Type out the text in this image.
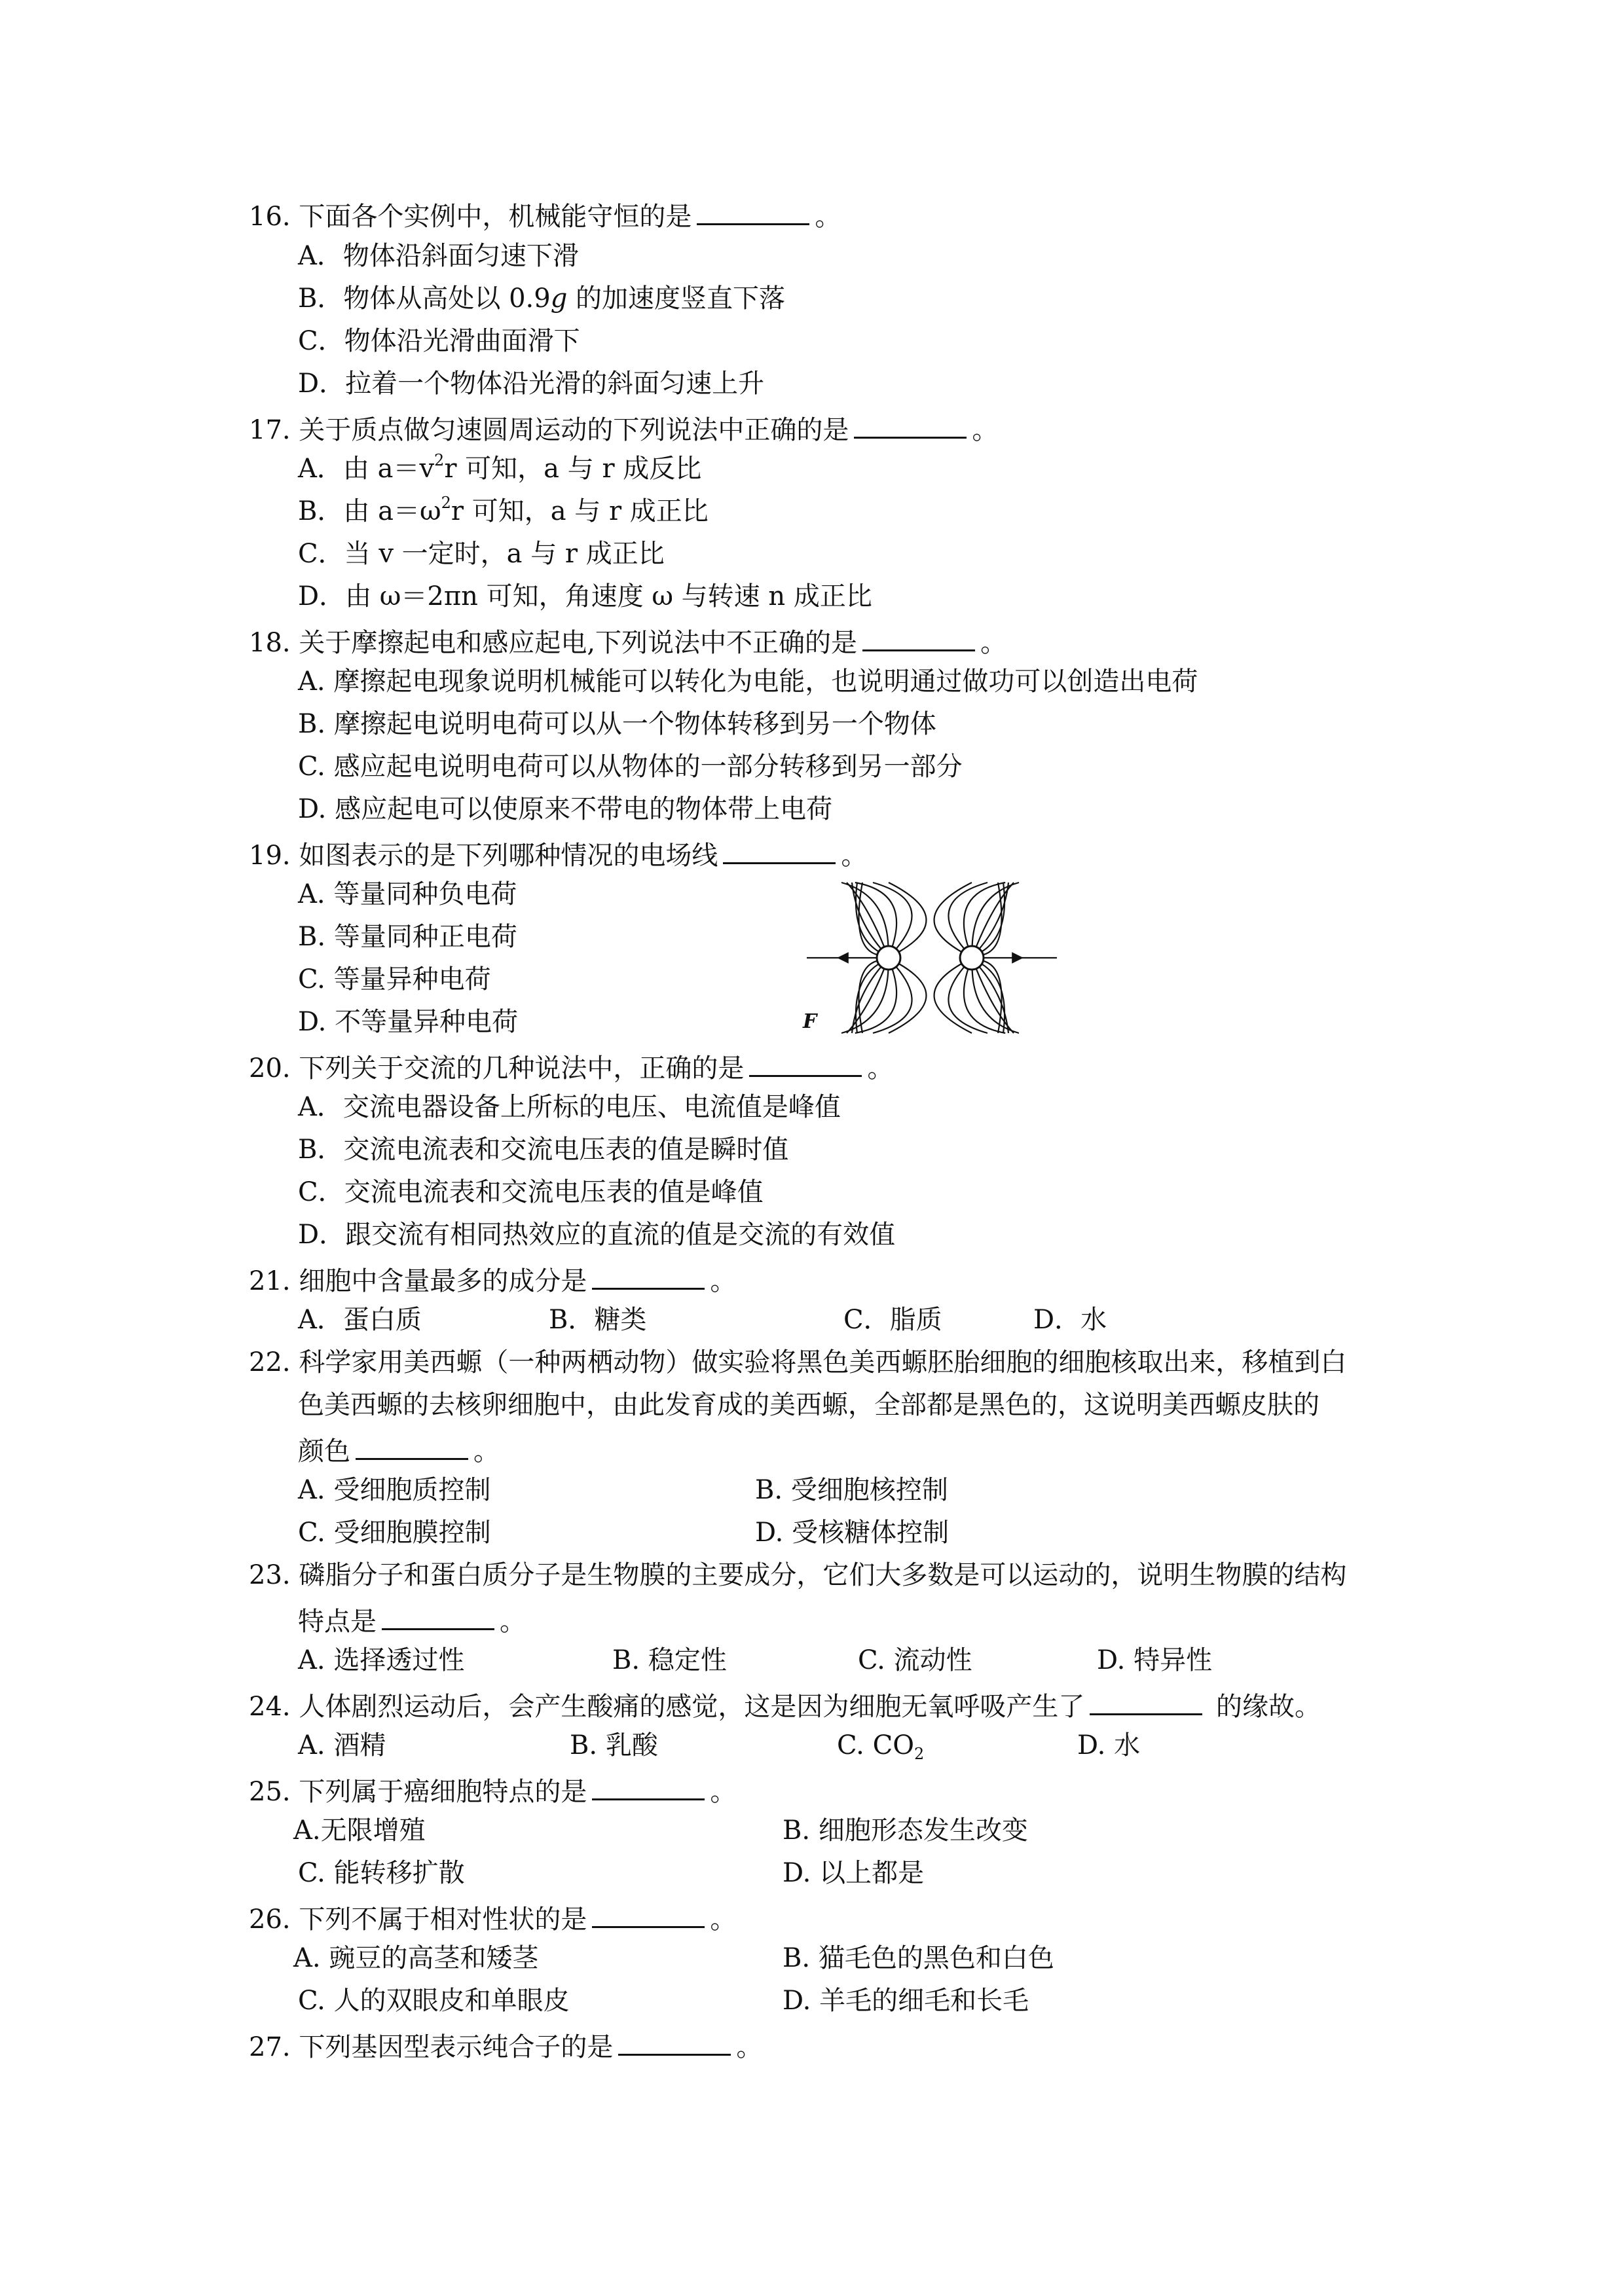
16. 下面各个实例中，机械能守恒的是	。
A．物体沿斜面匀速下滑
B．物体从高处以 0.9g 的加速度竖直下落
C．物体沿光滑曲面滑下
D．拉着一个物体沿光滑的斜面匀速上升
17. 关于质点做匀速圆周运动的下列说法中正确的是	。
A．由 $a=v^2r$ 可知，a 与 r 成反比
B．由 $a=\omega^2r$ 可知，a 与 r 成正比
C．当 v 一定时，a 与 r 成正比
D．由 ω＝2πn 可知，角速度 ω 与转速 n 成正比
18. 关于摩擦起电和感应起电,下列说法中不正确的是	。
A. 摩擦起电现象说明机械能可以转化为电能，也说明通过做功可以创造出电荷
B. 摩擦起电说明电荷可以从一个物体转移到另一个物体
C. 感应起电说明电荷可以从物体的一部分转移到另一部分
D. 感应起电可以使原来不带电的物体带上电荷
19. 如图表示的是下列哪种情况的电场线	。
A. 等量同种负电荷
B. 等量同种正电荷
C. 等量异种电荷
D. 不等量异种电荷	F
20. 下列关于交流的几种说法中，正确的是	。
A．交流电器设备上所标的电压、电流值是峰值
B．交流电流表和交流电压表的值是瞬时值
C．交流电流表和交流电压表的值是峰值
D．跟交流有相同热效应的直流的值是交流的有效值
21. 细胞中含量最多的成分是	。
A．蛋白质	B．糖类	C．脂质	D．水
22. 科学家用美西螈（一种两栖动物）做实验将黑色美西螈胚胎细胞的细胞核取出来，移植到白
色美西螈的去核卵细胞中，由此发育成的美西螈，全部都是黑色的，这说明美西螈皮肤的
颜色	。
A. 受细胞质控制	B. 受细胞核控制
C. 受细胞膜控制	D. 受核糖体控制
23. 磷脂分子和蛋白质分子是生物膜的主要成分，它们大多数是可以运动的，说明生物膜的结构
特点是	。
A. 选择透过性	B. 稳定性	C. 流动性	D. 特异性
24. 人体剧烈运动后，会产生酸痛的感觉，这是因为细胞无氧呼吸产生了	的缘故。
A. 酒精	B. 乳酸	C. $CO_2$	D. 水
25. 下列属于癌细胞特点的是	。
A.无限增殖	B. 细胞形态发生改变
C. 能转移扩散	D. 以上都是
26. 下列不属于相对性状的是	。
A. 豌豆的高茎和矮茎	B. 猫毛色的黑色和白色
C. 人的双眼皮和单眼皮	D. 羊毛的细毛和长毛
27. 下列基因型表示纯合子的是	。
